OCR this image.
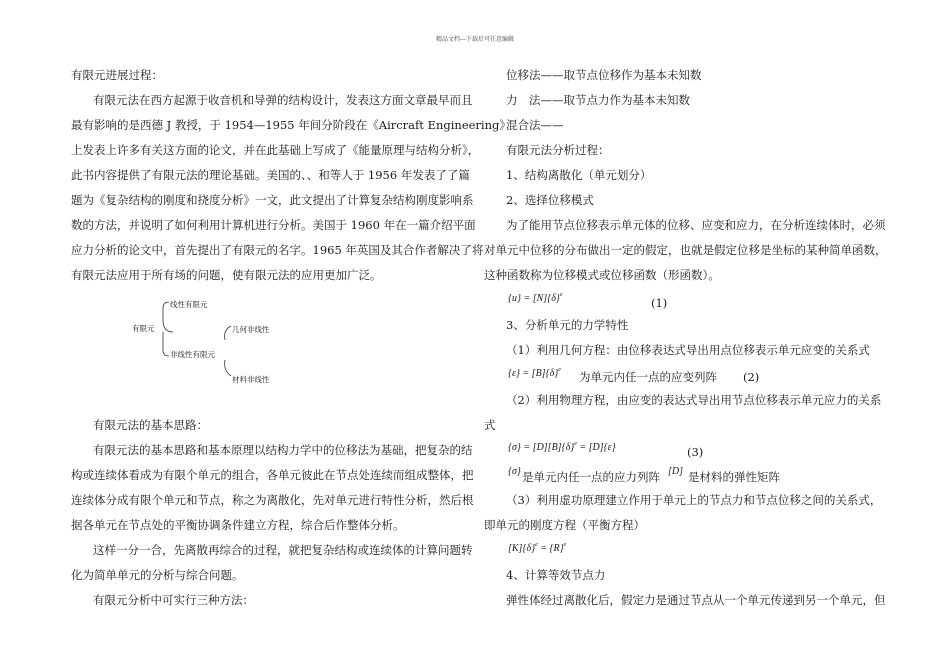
精品文档---下载后可任意编辑
有限元进展过程：
有限元法在西方起源于收音机和导弹的结构设计，发表这方面文章最早而且
最有影响的是西德 J 教授，于 1954—1955 年间分阶段在《Aircraft Engineering》
上发表上许多有关这方面的论文，并在此基础上写成了《能量原理与结构分析》，
此书内容提供了有限元法的理论基础。美国的、、和等人于 1956 年发表了了篇
题为《复杂结构的刚度和挠度分析》一文，此文提出了计算复杂结构刚度影响系
数的方法，并说明了如何利用计算机进行分析。美国于 1960 年在一篇介绍平面
应力分析的论文中，首先提出了有限元的名字。1965 年英国及其合作者解决了将
有限元法应用于所有场的问题，使有限元法的应用更加广泛。
有限元
线性有限元
非线性有限元
几何非线性
材料非线性
有限元法的基本思路：
有限元法的基本思路和基本原理以结构力学中的位移法为基础，把复杂的结
构或连续体看成为有限个单元的组合，各单元彼此在节点处连续而组成整体，把
连续体分成有限个单元和节点，称之为离散化，先对单元进行特性分析，然后根
据各单元在节点处的平衡协调条件建立方程，综合后作整体分析。
这样一分一合，先离散再综合的过程，就把复杂结构或连续体的计算问题转
化为简单单元的分析与综合问题。
有限元分析中可实行三种方法：
位移法——取节点位移作为基本未知数
力　法——取节点力作为基本未知数
混合法——
有限元法分析过程：
1、结构离散化（单元划分）
2、选择位移模式
为了能用节点位移表示单元体的位移、应变和应力，在分析连续体时，必须
对单元中位移的分布做出一定的假定，也就是假定位移是坐标的某种简单函数，
这种函数称为位移模式或位移函数（形函数）。
$\{u\} = [N]\{\delta\}^e$
(1)
3、分析单元的力学特性
（1）利用几何方程：由位移表达式导出用点位移表示单元应变的关系式
$\{\varepsilon\} = [B]\{\delta\}^e$ 为单元内任一点的应变列阵 (2)
（2）利用物理方程，由应变的表达式导出用节点位移表示单元应力的关系
式
$\{\sigma\} = [D][B]\{\delta\}^e = [D]\{\varepsilon\}$	(3)
{σ} 是单元内任一点的应力列阵 [D] 是材料的弹性矩阵
（3）利用虚功原理建立作用于单元上的节点力和节点位移之间的关系式，
即单元的刚度方程（平衡方程）
$[K]\{\delta\}^e = \{R\}^e$
4、计算等效节点力
弹性体经过离散化后，假定力是通过节点从一个单元传递到另一个单元，但
